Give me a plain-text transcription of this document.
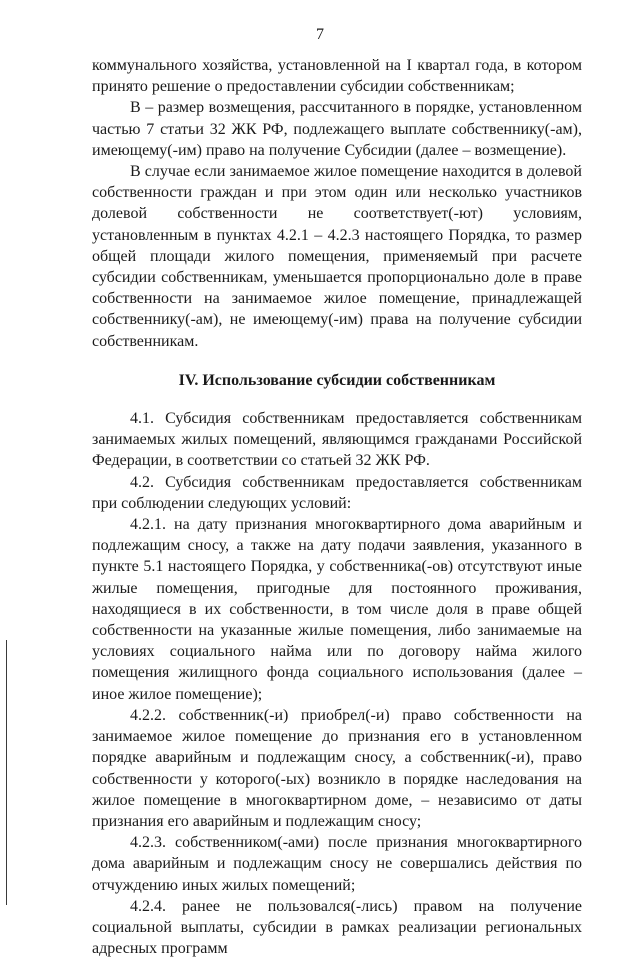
7

коммунального хозяйства, установленной на I квартал года, в котором принято решение о предоставлении субсидии собственникам;

В – размер возмещения, рассчитанного в порядке, установленном частью 7 статьи 32 ЖК РФ, подлежащего выплате собственнику(-ам), имеющему(-им) право на получение Субсидии (далее – возмещение).

В случае если занимаемое жилое помещение находится в долевой собственности граждан и при этом один или несколько участников долевой собственности не соответствует(-ют) условиям, установленным в пунктах 4.2.1 – 4.2.3 настоящего Порядка, то размер общей площади жилого помещения, применяемый при расчете субсидии собственникам, уменьшается пропорционально доле в праве собственности на занимаемое жилое помещение, принадлежащей собственнику(-ам), не имеющему(-им) права на получение субсидии собственникам.

IV. Использование субсидии собственникам

4.1. Субсидия собственникам предоставляется собственникам занимаемых жилых помещений, являющимся гражданами Российской Федерации, в соответствии со статьей 32 ЖК РФ.

4.2. Субсидия собственникам предоставляется собственникам при соблюдении следующих условий:

4.2.1. на дату признания многоквартирного дома аварийным и подлежащим сносу, а также на дату подачи заявления, указанного в пункте 5.1 настоящего Порядка, у собственника(-ов) отсутствуют иные жилые помещения, пригодные для постоянного проживания, находящиеся в их собственности, в том числе доля в праве общей собственности на указанные жилые помещения, либо занимаемые на условиях социального найма или по договору найма жилого помещения жилищного фонда социального использования (далее – иное жилое помещение);

4.2.2. собственник(-и) приобрел(-и) право собственности на занимаемое жилое помещение до признания его в установленном порядке аварийным и подлежащим сносу, а собственник(-и), право собственности у которого(-ых) возникло в порядке наследования на жилое помещение в многоквартирном доме, – независимо от даты признания его аварийным и подлежащим сносу;

4.2.3. собственником(-ами) после признания многоквартирного дома аварийным и подлежащим сносу не совершались действия по отчуждению иных жилых помещений;

4.2.4. ранее не пользовался(-лись) правом на получение социальной выплаты, субсидии в рамках реализации региональных адресных программ
